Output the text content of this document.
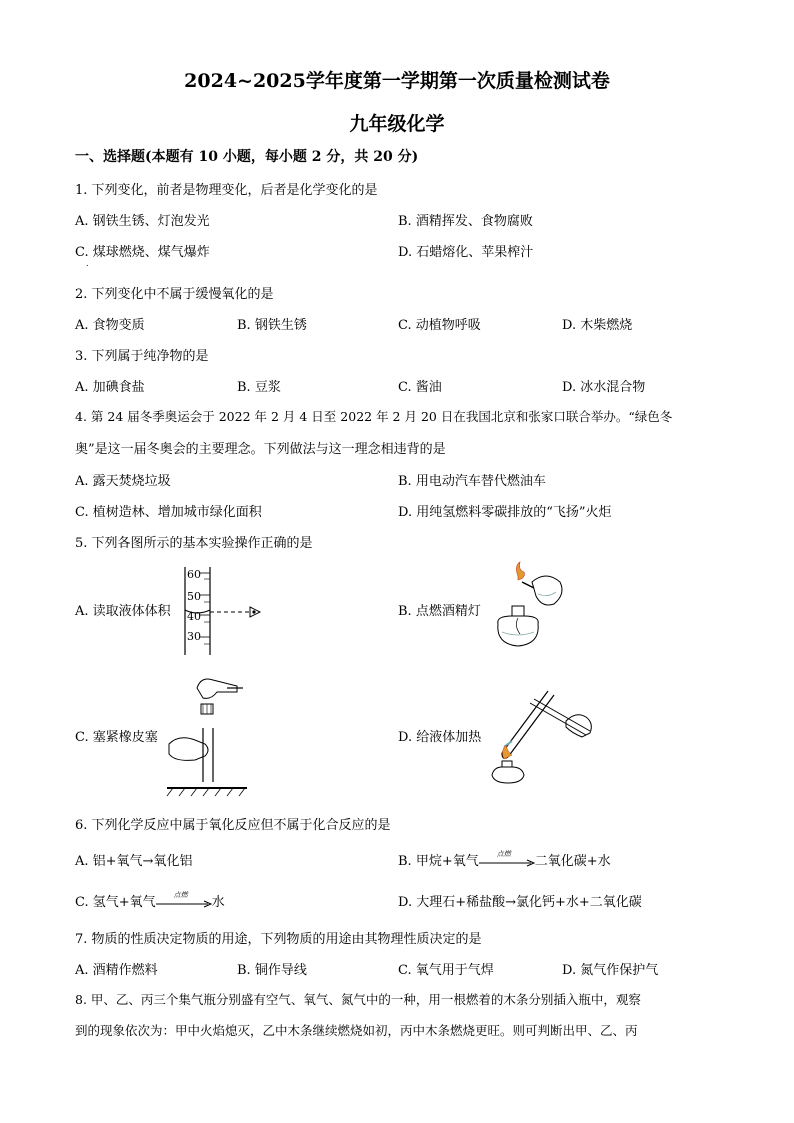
2024~2025学年度第一学期第一次质量检测试卷
九年级化学
一、选择题(本题有 10 小题，每小题 2 分，共 20 分)
1. 下列变化，前者是物理变化，后者是化学变化的是
A. 钢铁生锈、灯泡发光	B. 酒精挥发、食物腐败
C. 煤球燃烧、煤气爆炸	D. 石蜡熔化、苹果榨汁
.
2. 下列变化中不属于缓慢氧化的是
A. 食物变质	B. 钢铁生锈	C. 动植物呼吸	D. 木柴燃烧
3. 下列属于纯净物的是
A. 加碘食盐	B. 豆浆	C. 酱油	D. 冰水混合物
4. 第 24 届冬季奥运会于 2022 年 2 月 4 日至 2022 年 2 月 20 日在我国北京和张家口联合举办。“绿色冬
奥”是这一届冬奥会的主要理念。下列做法与这一理念相违背的是
A. 露天焚烧垃圾	B. 用电动汽车替代燃油车
C. 植树造林、增加城市绿化面积	D. 用纯氢燃料零碳排放的“飞扬”火炬
5. 下列各图所示的基本实验操作正确的是
A. 读取液体体积	B. 点燃酒精灯
C. 塞紧橡皮塞	D. 给液体加热
60
50
40
30
6. 下列化学反应中属于氧化反应但不属于化合反应的是
A. 铝+氧气→氧化铝	B. 甲烷+氧气
点燃
二氧化碳+水
C. 氢气+氧气
点燃
水	D. 大理石+稀盐酸→氯化钙+水+二氧化碳
7. 物质的性质决定物质的用途，下列物质的用途由其物理性质决定的是
A. 酒精作燃料	B. 铜作导线	C. 氧气用于气焊	D. 氮气作保护气
8. 甲、乙、丙三个集气瓶分别盛有空气、氧气、氮气中的一种，用一根燃着的木条分别插入瓶中，观察
到的现象依次为：甲中火焰熄灭，乙中木条继续燃烧如初，丙中木条燃烧更旺。则可判断出甲、乙、丙
